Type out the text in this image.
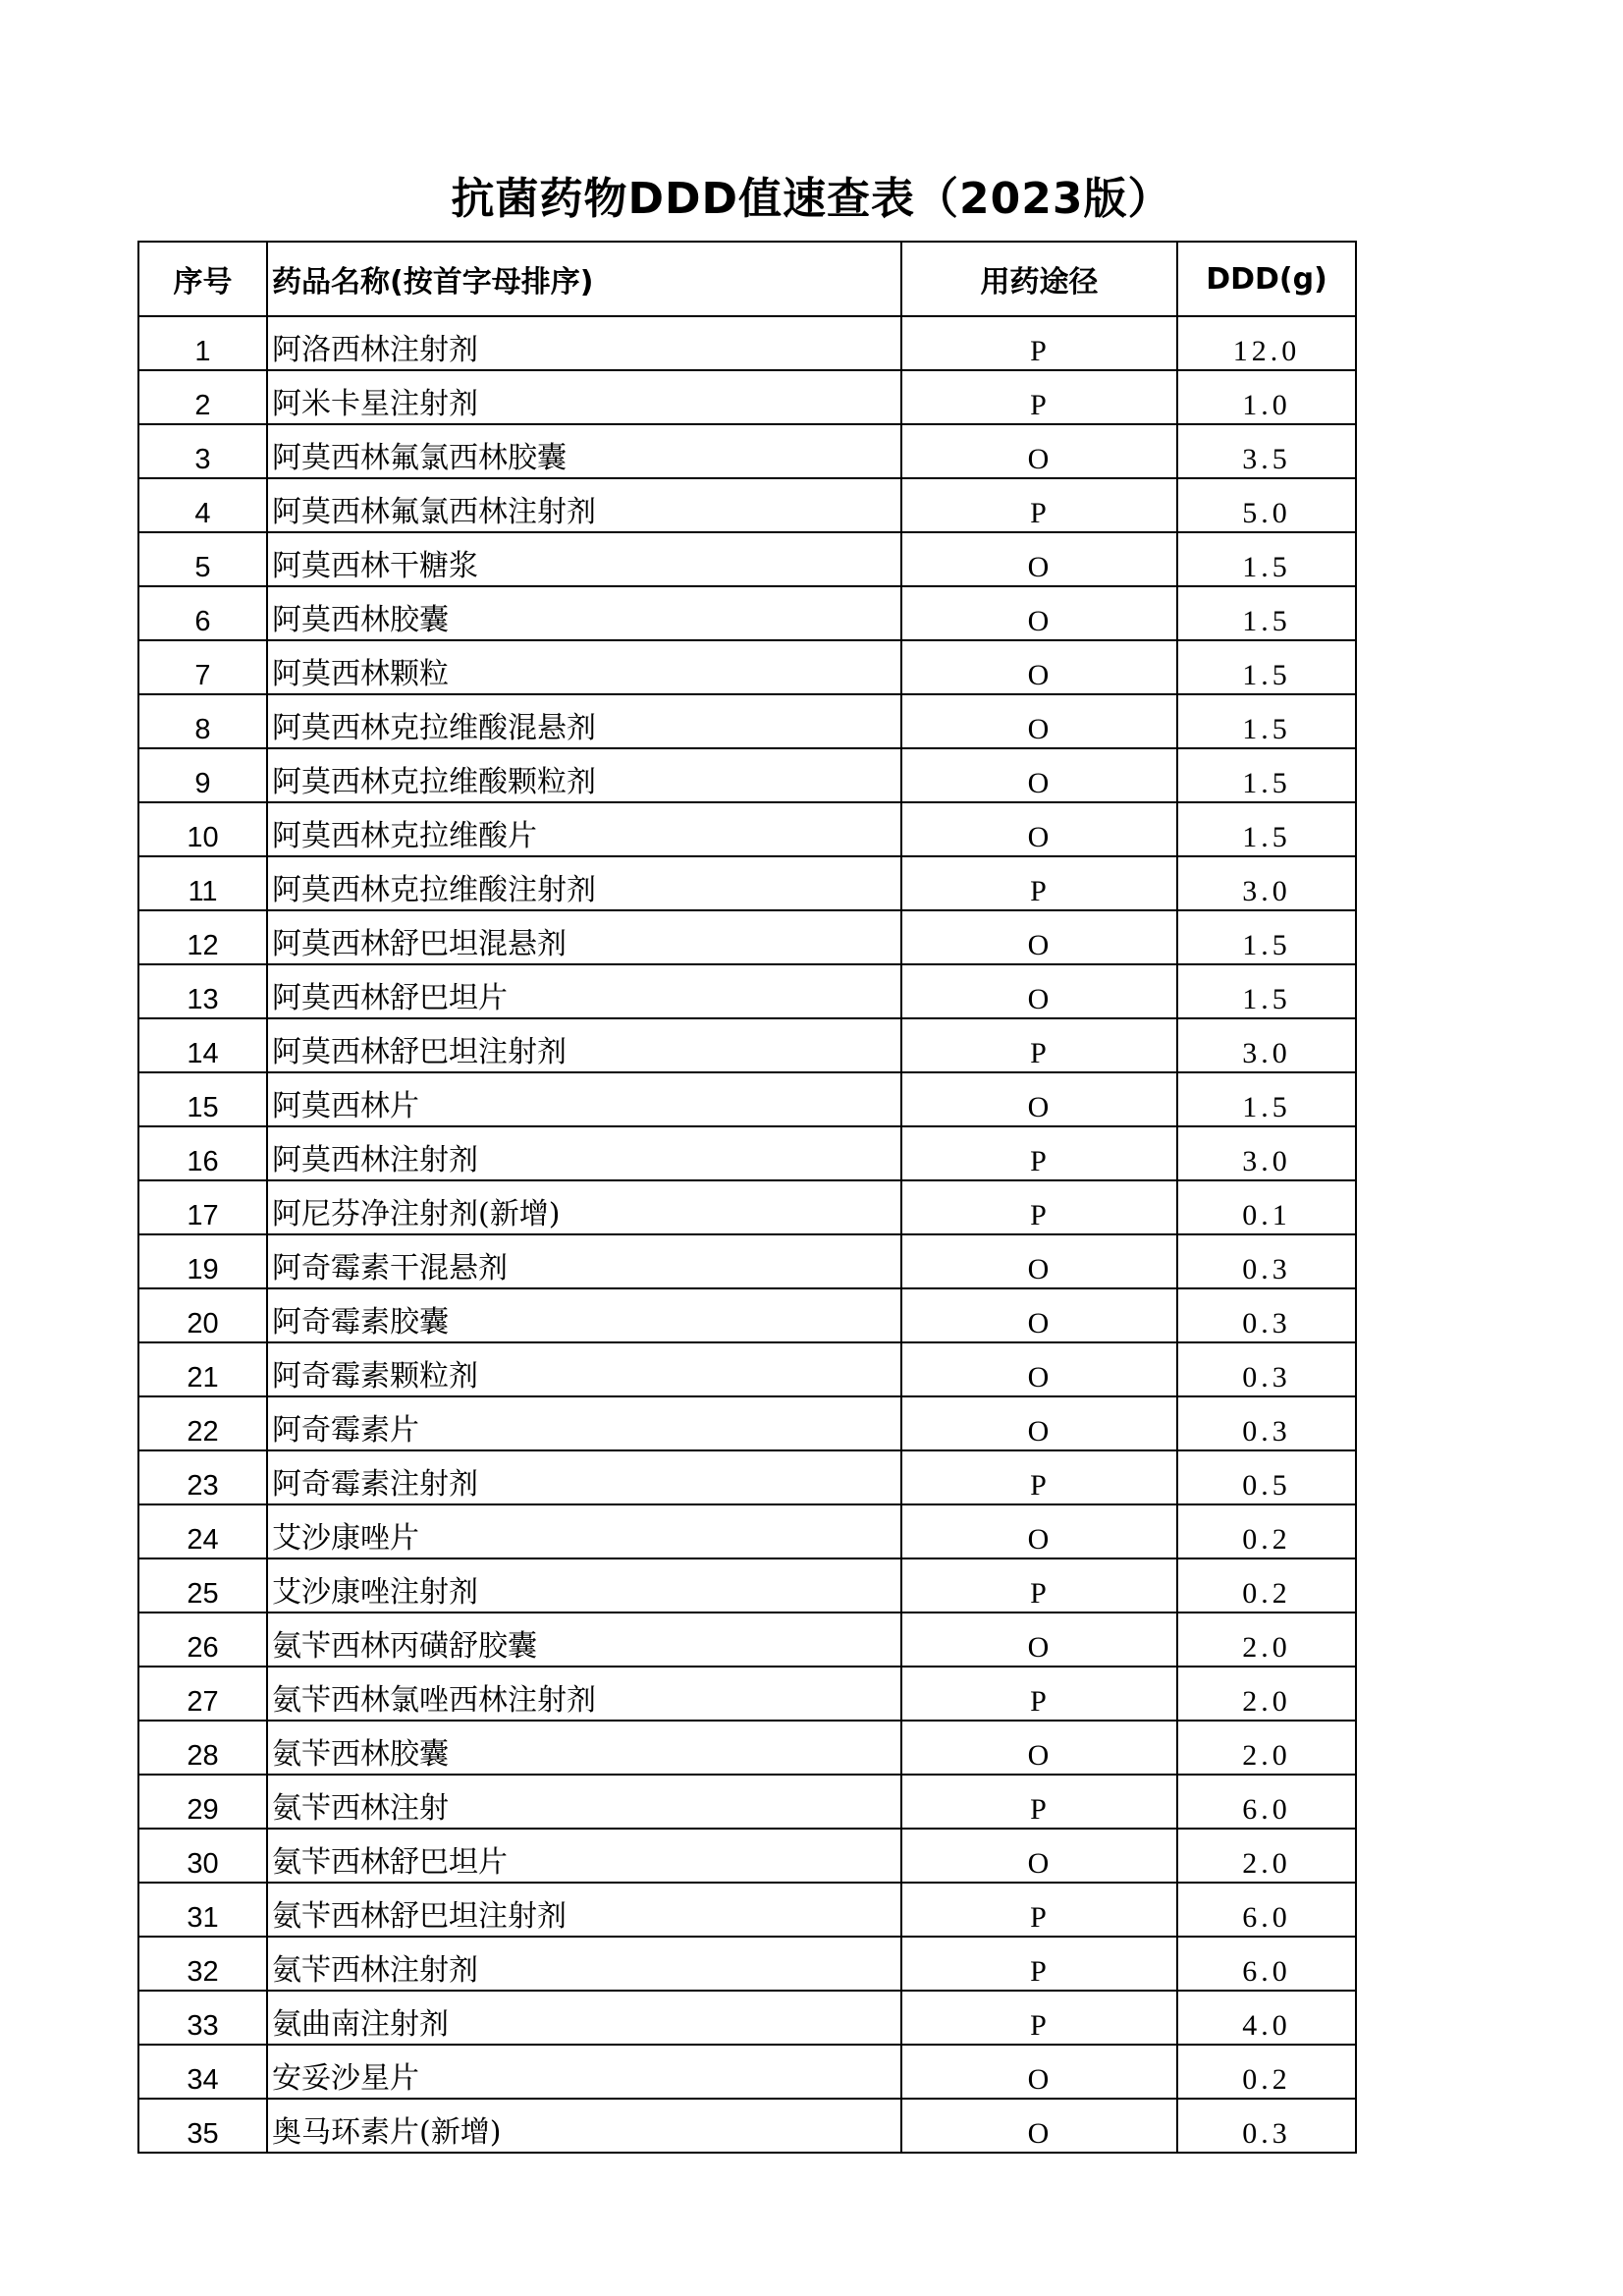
抗菌药物DDD值速查表（2023版）
序号	药品名称(按首字母排序)	用药途径	DDD(g)
1	阿洛西林注射剂	P	12.0
2	阿米卡星注射剂	P	1.0
3	阿莫西林氟氯西林胶囊	O	3.5
4	阿莫西林氟氯西林注射剂	P	5.0
5	阿莫西林干糖浆	O	1.5
6	阿莫西林胶囊	O	1.5
7	阿莫西林颗粒	O	1.5
8	阿莫西林克拉维酸混悬剂	O	1.5
9	阿莫西林克拉维酸颗粒剂	O	1.5
10	阿莫西林克拉维酸片	O	1.5
11	阿莫西林克拉维酸注射剂	P	3.0
12	阿莫西林舒巴坦混悬剂	O	1.5
13	阿莫西林舒巴坦片	O	1.5
14	阿莫西林舒巴坦注射剂	P	3.0
15	阿莫西林片	O	1.5
16	阿莫西林注射剂	P	3.0
17	阿尼芬净注射剂(新增)	P	0.1
19	阿奇霉素干混悬剂	O	0.3
20	阿奇霉素胶囊	O	0.3
21	阿奇霉素颗粒剂	O	0.3
22	阿奇霉素片	O	0.3
23	阿奇霉素注射剂	P	0.5
24	艾沙康唑片	O	0.2
25	艾沙康唑注射剂	P	0.2
26	氨苄西林丙磺舒胶囊	O	2.0
27	氨苄西林氯唑西林注射剂	P	2.0
28	氨苄西林胶囊	O	2.0
29	氨苄西林注射	P	6.0
30	氨苄西林舒巴坦片	O	2.0
31	氨苄西林舒巴坦注射剂	P	6.0
32	氨苄西林注射剂	P	6.0
33	氨曲南注射剂	P	4.0
34	安妥沙星片	O	0.2
35	奥马环素片(新增)	O	0.3
